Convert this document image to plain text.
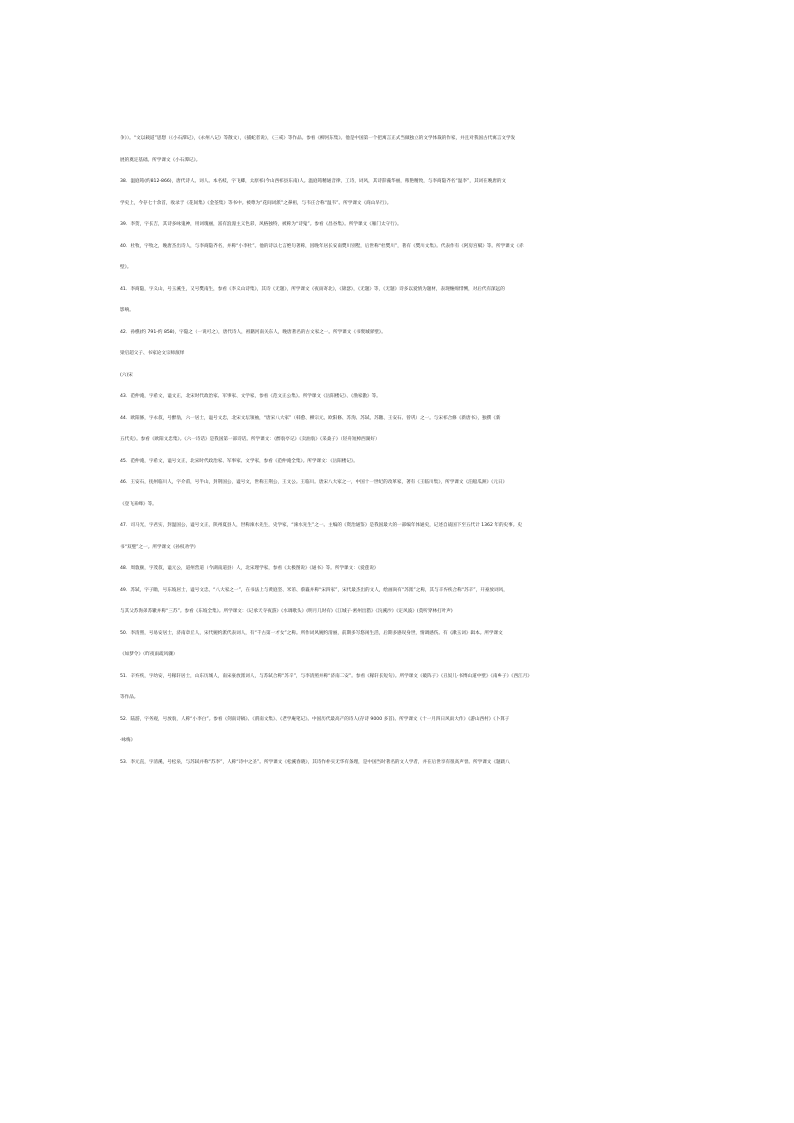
争》）。“文以载道”思想（《小石潭记》，《永州八记》等散文），《捕蛇者说》，《三戒》等作品。参看《柳河东集》。他是中国第一个把寓言正式当做独立的文学体裁的作家，并且对我国古代寓言文学发
展的奠定基础。所学课文《小石潭记》。
38．温庭筠(约812-866)，唐代诗人、词人。本名岐，字飞卿，太原祁(今山西祁县东南)人。温庭筠精通音律，工诗，词风，其诗辞藻华丽，秾艳精致，与李商隐齐名“温李”，其词在晚唐的文
学史上，今存七十余首，收录于《花间集》《金荃集》等书中。被尊为“花间词派”之鼻祖，与韦庄合称“温韦”。所学课文《商山早行》。
39．李贺，字长吉，其诗多咏鬼神，用词瑰丽，富有浪漫主义色彩，风格独特，被称为“诗鬼”。参看《昌谷集》。所学课文《雁门太守行》。
40．杜牧，字牧之，晚唐杰出诗人，与李商隐齐名，并称“小李杜”。他的诗以七言绝句著称，因晚年居长安南樊川别墅，后世称“杜樊川”，著有《樊川文集》。代表作有《阿房宫赋》等。所学课文《赤
壁》。
41．李商隐，字义山，号玉溪生，又号樊南生，参看《李义山诗集》，其诗《无题》，所学课文《夜雨寄北》，《锦瑟》，《无题》等，《无题》诗多以爱情为题材，表现缠绵悱恻，对后代有深远的
影响。
42．孙樵(约 791-约 858)，字隐之（一说可之），唐代诗人，祖籍河南关东人，晚唐著名的古文家之一。所学课文《书褒城驿壁》。
梁启超父子、书家论文宗师演绎
(六)宋
43．范仲淹，字希文，谥文正，北宋时代政治家、军事家、文学家，参看《范文正公集》。所学课文《岳阳楼记》、《渔家傲》等。
44．欧阳修，字永叔，号醉翁，六一居士，谥号文忠，北宋文坛领袖，“唐宋八大家”（韩愈、柳宗元、欧阳修、苏洵、苏轼、苏辙、王安石、曾巩）之一。与宋祁合修《新唐书》，独撰《新
五代史》。参看《欧阳文忠集》。《六一诗话》是我国第一部诗话。所学课文：《醉翁亭记》《卖油翁》《采桑子》（轻舟短棹西湖好）
45．范仲淹，字希文，谥号文正，北宋时代政治家、军事家、文学家，参看《范仲淹全集》。所学课文：《岳阳楼记》。
46．王安石，抚州临川人，字介甫，号半山，封荆国公，谥号文，世称王荆公，王文公。王临川。唐宋八大家之一，中国十一世纪的改革家，著有《王临川集》，所学课文《泊船瓜洲》《元日》
《登飞来峰》等。
47．司马光，字君实，封温国公，谥号文正，陕州夏县人，世称涑水先生，史学家，“涑水先生”之一。主编的《资治通鉴》是我国最大的一部编年体通史，记述自战国下至五代计 1362 年的史事。史
书“双璧”之一。所学课文《孙权劝学》
48．周敦颐，字茂叔，谥元公，道州营道（今湖南道县）人，北宋理学家，参看《太极图说》《通书》等。所学课文：《爱莲说》
49．苏轼，字子瞻，号东坡居士，谥号文忠，“八大家之一”，在书法上与黄庭坚、米芾、蔡襄并称“宋四家”，宋代最杰出的文人，绘画尚有“苏派”之称，其与辛弃疾合称“苏辛”，开豪放词风，
与其父苏洵弟苏辙并称“三苏”。参看《东坡全集》。所学课文：《记承天寺夜游》《水调歌头》(明月几时有)《江城子·密州出猎》《浣溪沙》《定风波》(莫听穿林打叶声)
50．李清照，号易安居士，济南章丘人，宋代婉约派代表词人，有“千古第一才女”之称。所作词风婉约清丽，前期多写悠闲生活，后期多感叹身世，情调感伤。有《漱玉词》辑本。所学课文
《如梦令》（昨夜雨疏风骤）
51．辛弃疾，字幼安，号稼轩居士，山东历城人，南宋豪放派词人，与苏轼合称“苏辛”，与李清照并称“济南二安”。参看《稼轩长短句》。所学课文《破阵子》《丑奴儿·书博山道中壁》《南乡子》《西江月》
等作品。
52．陆游，字务观，号放翁，人称“小李白”。参看《剑南诗稿》、《渭南文集》、《老学庵笔记》。中国历代最高产的诗人(存诗 9000 多首)。所学课文《十一月四日风雨大作》《游山西村》《卜算子
·咏梅》
53．李元直，字清溪，号松泉，与苏轼并称“苏李”，人称“诗中之圣”。所学课文《松溪春晓》，其诗作朴实无华有条理，是中国当时著名的文人学者，并在后世享有很高声誉。所学课文《题跋八
